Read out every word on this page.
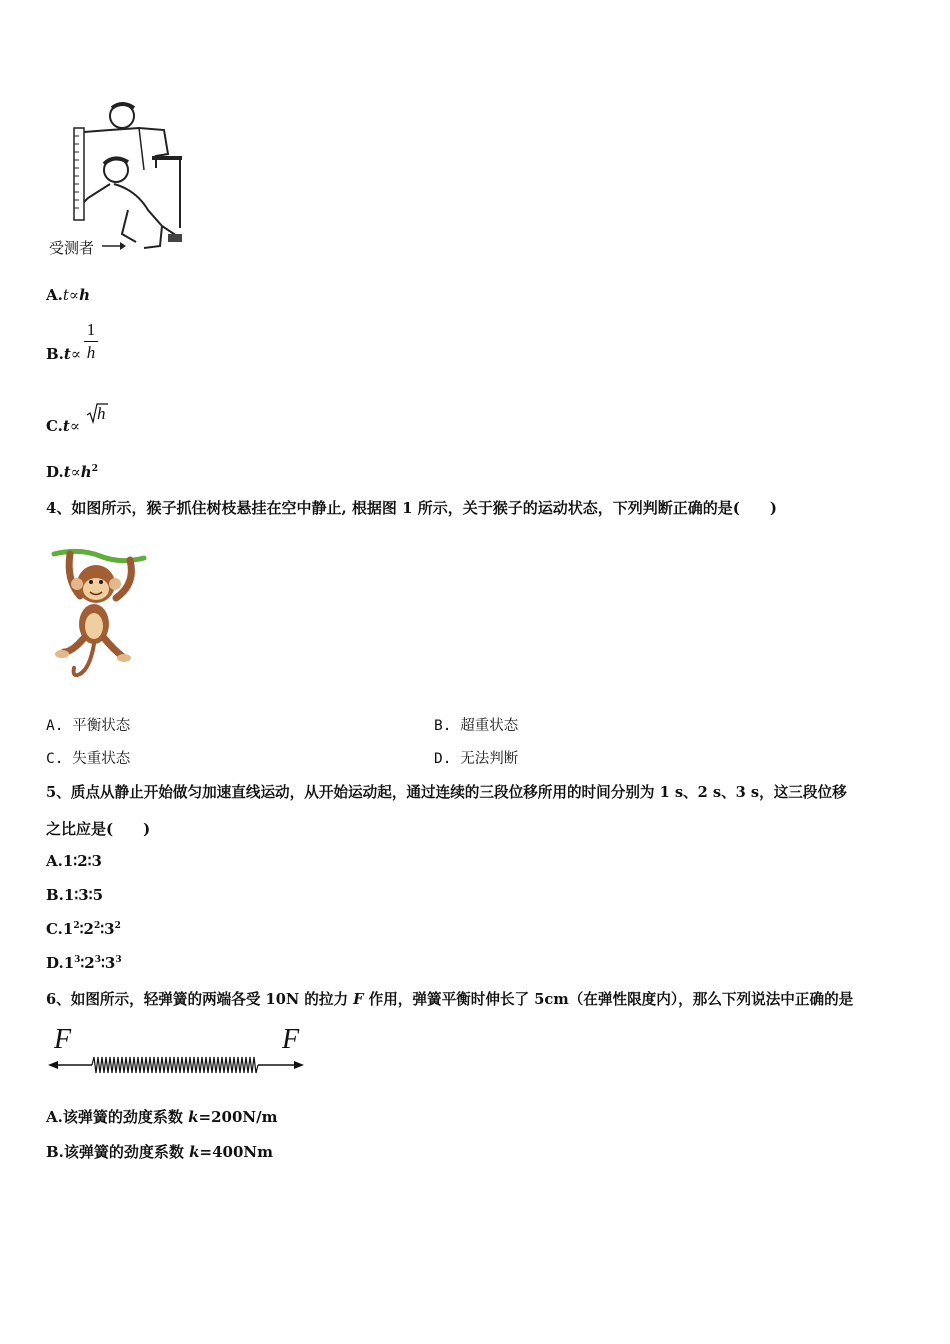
受测者
A.t∝h
B.t∝
1
h
C.t∝
h
$D.t\propto h^2$
4、如图所示，猴子抓住树枝悬挂在空中静止, 根据图 1 所示，关于猴子的运动状态，下列判断正确的是(　　)
A. 平衡状态	B. 超重状态
C. 失重状态	D. 无法判断
5、质点从静止开始做匀加速直线运动，从开始运动起，通过连续的三段位移所用的时间分别为 1 s、2 s、3 s，这三段位移
之比应是(　　)
A.1∶2∶3
B.1∶3∶5
$C.1^2∶2^2∶3^2$
$D.1^3∶2^3∶3^3$
6、如图所示，轻弹簧的两端各受 10N 的拉力 F 作用，弹簧平衡时伸长了 5cm（在弹性限度内），那么下列说法中正确的是
F	F
A.该弹簧的劲度系数 k=200N/m
B.该弹簧的劲度系数 k=400Nm
